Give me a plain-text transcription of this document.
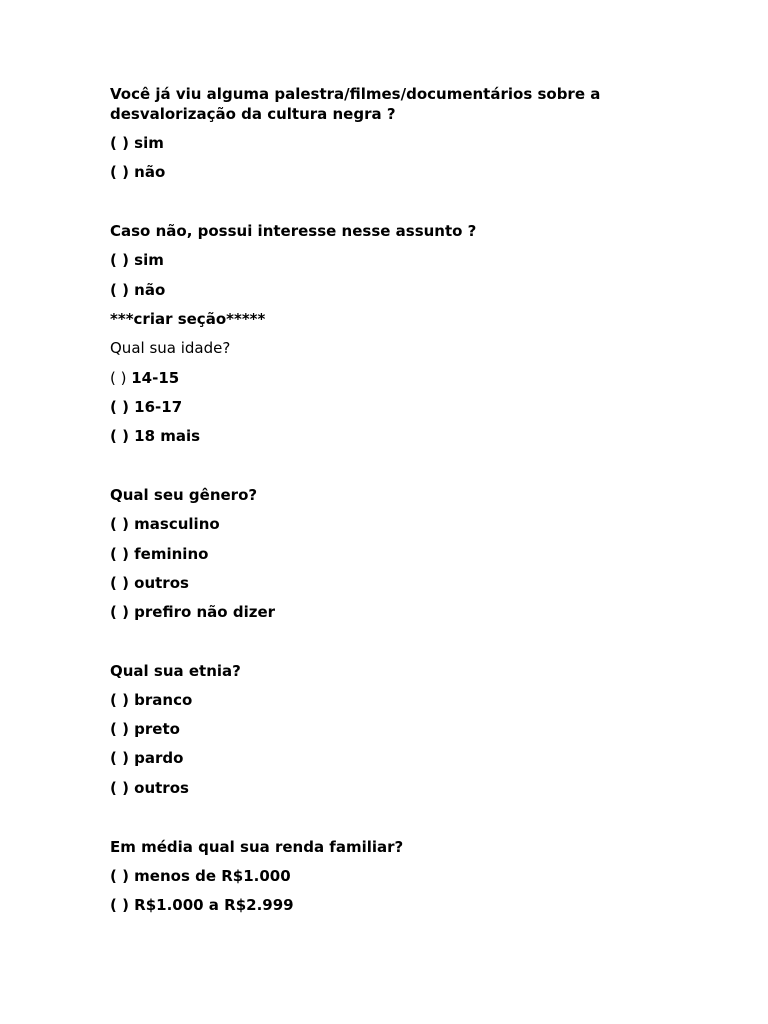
Você já viu alguma palestra/filmes/documentários sobre a
desvalorização da cultura negra ?
( ) sim
( ) não
Caso não, possui interesse nesse assunto ?
( ) sim
( ) não
***criar seção*****
Qual sua idade?
( ) 14-15
( ) 16-17
( ) 18 mais
Qual seu gênero?
( ) masculino
( ) feminino
( ) outros
( ) prefiro não dizer
Qual sua etnia?
( ) branco
( ) preto
( ) pardo
( ) outros
Em média qual sua renda familiar?
( ) menos de R$1.000
( ) R$1.000 a R$2.999
